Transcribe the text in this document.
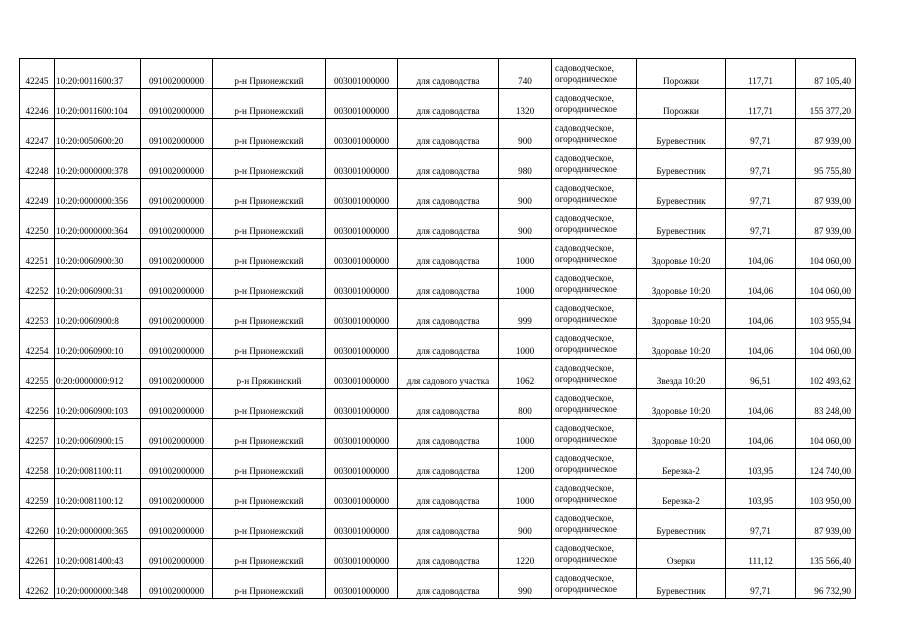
42245	10:20:0011600:37	091002000000	р-н Прионежский	003001000000	для садоводства	740	садоводческое,
огородническое	Порожки	117,71	87 105,40
42246	10:20:0011600:104	091002000000	р-н Прионежский	003001000000	для садоводства	1320	садоводческое,
огородническое	Порожки	117,71	155 377,20
42247	10:20:0050600:20	091002000000	р-н Прионежский	003001000000	для садоводства	900	садоводческое,
огородническое	Буревестник	97,71	87 939,00
42248	10:20:0000000:378	091002000000	р-н Прионежский	003001000000	для садоводства	980	садоводческое,
огородническое	Буревестник	97,71	95 755,80
42249	10:20:0000000:356	091002000000	р-н Прионежский	003001000000	для садоводства	900	садоводческое,
огородническое	Буревестник	97,71	87 939,00
42250	10:20:0000000:364	091002000000	р-н Прионежский	003001000000	для садоводства	900	садоводческое,
огородническое	Буревестник	97,71	87 939,00
42251	10:20:0060900:30	091002000000	р-н Прионежский	003001000000	для садоводства	1000	садоводческое,
огородническое	Здоровье 10:20	104,06	104 060,00
42252	10:20:0060900:31	091002000000	р-н Прионежский	003001000000	для садоводства	1000	садоводческое,
огородническое	Здоровье 10:20	104,06	104 060,00
42253	10:20:0060900:8	091002000000	р-н Прионежский	003001000000	для садоводства	999	садоводческое,
огородническое	Здоровье 10:20	104,06	103 955,94
42254	10:20:0060900:10	091002000000	р-н Прионежский	003001000000	для садоводства	1000	садоводческое,
огородническое	Здоровье 10:20	104,06	104 060,00
42255	0:20:0000000:912	091002000000	р-н Пряжинский	003001000000	для садового участка	1062	садоводческое,
огородническое	Звезда 10:20	96,51	102 493,62
42256	10:20:0060900:103	091002000000	р-н Прионежский	003001000000	для садоводства	800	садоводческое,
огородническое	Здоровье 10:20	104,06	83 248,00
42257	10:20:0060900:15	091002000000	р-н Прионежский	003001000000	для садоводства	1000	садоводческое,
огородническое	Здоровье 10:20	104,06	104 060,00
42258	10:20:0081100:11	091002000000	р-н Прионежский	003001000000	для садоводства	1200	садоводческое,
огородническое	Березка-2	103,95	124 740,00
42259	10:20:0081100:12	091002000000	р-н Прионежский	003001000000	для садоводства	1000	садоводческое,
огородническое	Березка-2	103,95	103 950,00
42260	10:20:0000000:365	091002000000	р-н Прионежский	003001000000	для садоводства	900	садоводческое,
огородническое	Буревестник	97,71	87 939,00
42261	10:20:0081400:43	091002000000	р-н Прионежский	003001000000	для садоводства	1220	садоводческое,
огородническое	Озерки	111,12	135 566,40
42262	10:20:0000000:348	091002000000	р-н Прионежский	003001000000	для садоводства	990	садоводческое,
огородническое	Буревестник	97,71	96 732,90
